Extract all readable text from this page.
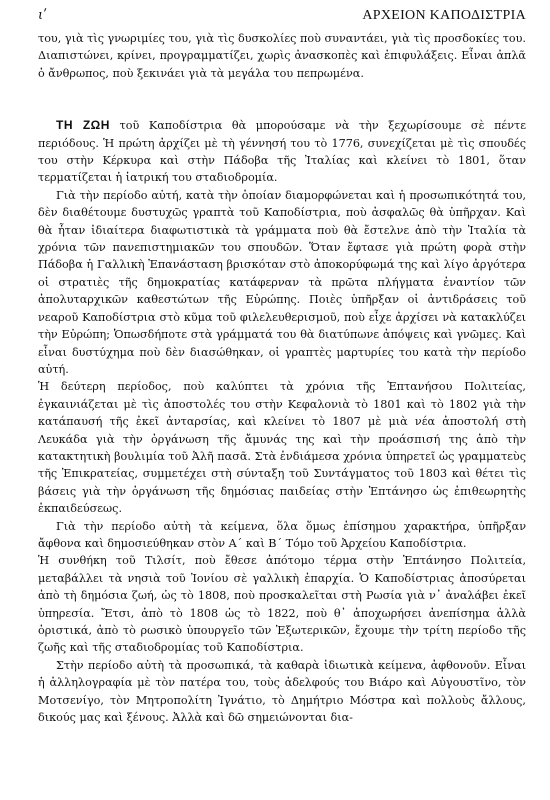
ιʹ	ΑΡΧΕΙΟΝ ΚΑΠΟΔΙΣΤΡΙΑ

του, γιὰ τὶς γνωριμίες του, γιὰ τὶς δυσκολίες ποὺ συναντάει, γιὰ τὶς προσδοκίες του. Διαπιστώνει, κρίνει, προγραμματίζει, χωρὶς ἀνασκοπὲς καὶ ἐπιφυλάξεις. Εἶναι ἁπλᾶ ὁ ἄνθρωπος, ποὺ ξεκινάει γιὰ τὰ μεγάλα του πεπρωμένα.

ΤΗ ΖΩΗ τοῦ Καποδίστρια θὰ μπορούσαμε νὰ τὴν ξεχωρίσουμε σὲ πέντε περιόδους. Ἡ πρώτη ἀρχίζει μὲ τὴ γέννησή του τὸ 1776, συνεχίζεται μὲ τὶς σπουδές του στὴν Κέρκυρα καὶ στὴν Πάδοβα τῆς Ἰταλίας καὶ κλείνει τὸ 1801, ὅταν τερματίζεται ἡ ἰατρική του σταδιοδρομία.

Γιὰ τὴν περίοδο αὐτή, κατὰ τὴν ὁποίαν διαμορφώνεται καὶ ἡ προσωπικότητά του, δὲν διαθέτουμε δυστυχῶς γραπτὰ τοῦ Καποδίστρια, ποὺ ἀσφαλῶς θὰ ὑπῆρχαν. Καὶ θὰ ἦταν ἰδιαίτερα διαφωτιστικὰ τὰ γράμματα ποὺ θὰ ἔστελνε ἀπὸ τὴν Ἰταλία τὰ χρόνια τῶν πανεπιστημιακῶν του σπουδῶν. Ὅταν ἔφτασε γιὰ πρώτη φορὰ στὴν Πάδοβα ἡ Γαλλικὴ Ἐπανάσταση βρισκόταν στὸ ἀποκορύφωμά της καὶ λίγο ἀργότερα οἱ στρατιὲς τῆς δημοκρατίας κατάφερναν τὰ πρῶτα πλήγματα ἐναντίον τῶν ἀπολυταρχικῶν καθεστώτων τῆς Εὐρώπης. Ποιὲς ὑπῆρξαν οἱ ἀντιδράσεις τοῦ νεαροῦ Καποδίστρια στὸ κῦμα τοῦ φιλελευθερισμοῦ, ποὺ εἶχε ἀρχίσει νὰ κατακλύζει τὴν Εὐρώπη; Ὁπωσδήποτε στὰ γράμματά του θὰ διατύπωνε ἀπόψεις καὶ γνῶμες. Καὶ εἶναι δυστύχημα ποὺ δὲν διασώθηκαν, οἱ γραπτὲς μαρτυρίες του κατὰ τὴν περίοδο αὐτή.

Ἡ δεύτερη περίοδος, ποὺ καλύπτει τὰ χρόνια τῆς Ἑπτανήσου Πολιτείας, ἐγκαινιάζεται μὲ τὶς ἀποστολές του στὴν Κεφαλονιὰ τὸ 1801 καὶ τὸ 1802 γιὰ τὴν κατάπαυσή τῆς ἐκεῖ ἀνταρσίας, καὶ κλείνει τὸ 1807 μὲ μιὰ νέα ἀποστολή στὴ Λευκάδα γιὰ τὴν ὀργάνωση τῆς ἄμυνάς της καὶ τὴν προάσπισή της ἀπὸ τὴν κατακτητικὴ βουλιμία τοῦ Ἀλῆ πασᾶ. Στὰ ἐνδιάμεσα χρόνια ὑπηρετεῖ ὡς γραμματεὺς τῆς Ἐπικρατείας, συμμετέχει στὴ σύνταξη τοῦ Συντάγματος τοῦ 1803 καὶ θέτει τὶς βάσεις γιὰ τὴν ὀργάνωση τῆς δημόσιας παιδείας στὴν Ἑπτάνησο ὡς ἐπιθεωρητὴς ἐκπαιδεύσεως.

Γιὰ τὴν περίοδο αὐτὴ τὰ κείμενα, ὅλα ὅμως ἐπίσημου χαρακτήρα, ὑπῆρξαν ἄφθονα καὶ δημοσιεύθηκαν στὸν Α΄ καὶ Β΄ Τόμο τοῦ Ἀρχείου Καποδίστρια.

Ἡ συνθήκη τοῦ Τιλσίτ, ποὺ ἔθεσε ἀπότομο τέρμα στὴν Ἑπτάνησο Πολιτεία, μεταβάλλει τὰ νησιὰ τοῦ Ἰονίου σὲ γαλλικὴ ἐπαρχία. Ὁ Καποδίστριας ἀποσύρεται ἀπὸ τὴ δημόσια ζωή, ὡς τὸ 1808, ποὺ προσκαλεῖται στὴ Ρωσία γιὰ ν᾽ ἀναλάβει ἐκεῖ ὑπηρεσία. Ἔτσι, ἀπὸ τὸ 1808 ὡς τὸ 1822, ποὺ θ᾽ ἀποχωρήσει ἀνεπίσημα ἀλλὰ ὁριστικά, ἀπὸ τὸ ρωσικὸ ὑπουργεῖο τῶν Ἐξωτερικῶν, ἔχουμε τὴν τρίτη περίοδο τῆς ζωῆς καὶ τῆς σταδιοδρομίας τοῦ Καποδίστρια.

Στὴν περίοδο αὐτὴ τὰ προσωπικά, τὰ καθαρὰ ἰδιωτικὰ κείμενα, ἀφθονοῦν. Εἶναι ἡ ἀλληλογραφία μὲ τὸν πατέρα του, τοὺς ἀδελφούς του Βιάρο καὶ Αὐγουστῖνο, τὸν Μοτσενίγο, τὸν Μητροπολίτη Ἰγνάτιο, τὸ Δημήτριο Μόστρα καὶ πολλοὺς ἄλλους, δικούς μας καὶ ξένους. Ἀλλὰ καὶ δῶ σημειώνονται δια-
